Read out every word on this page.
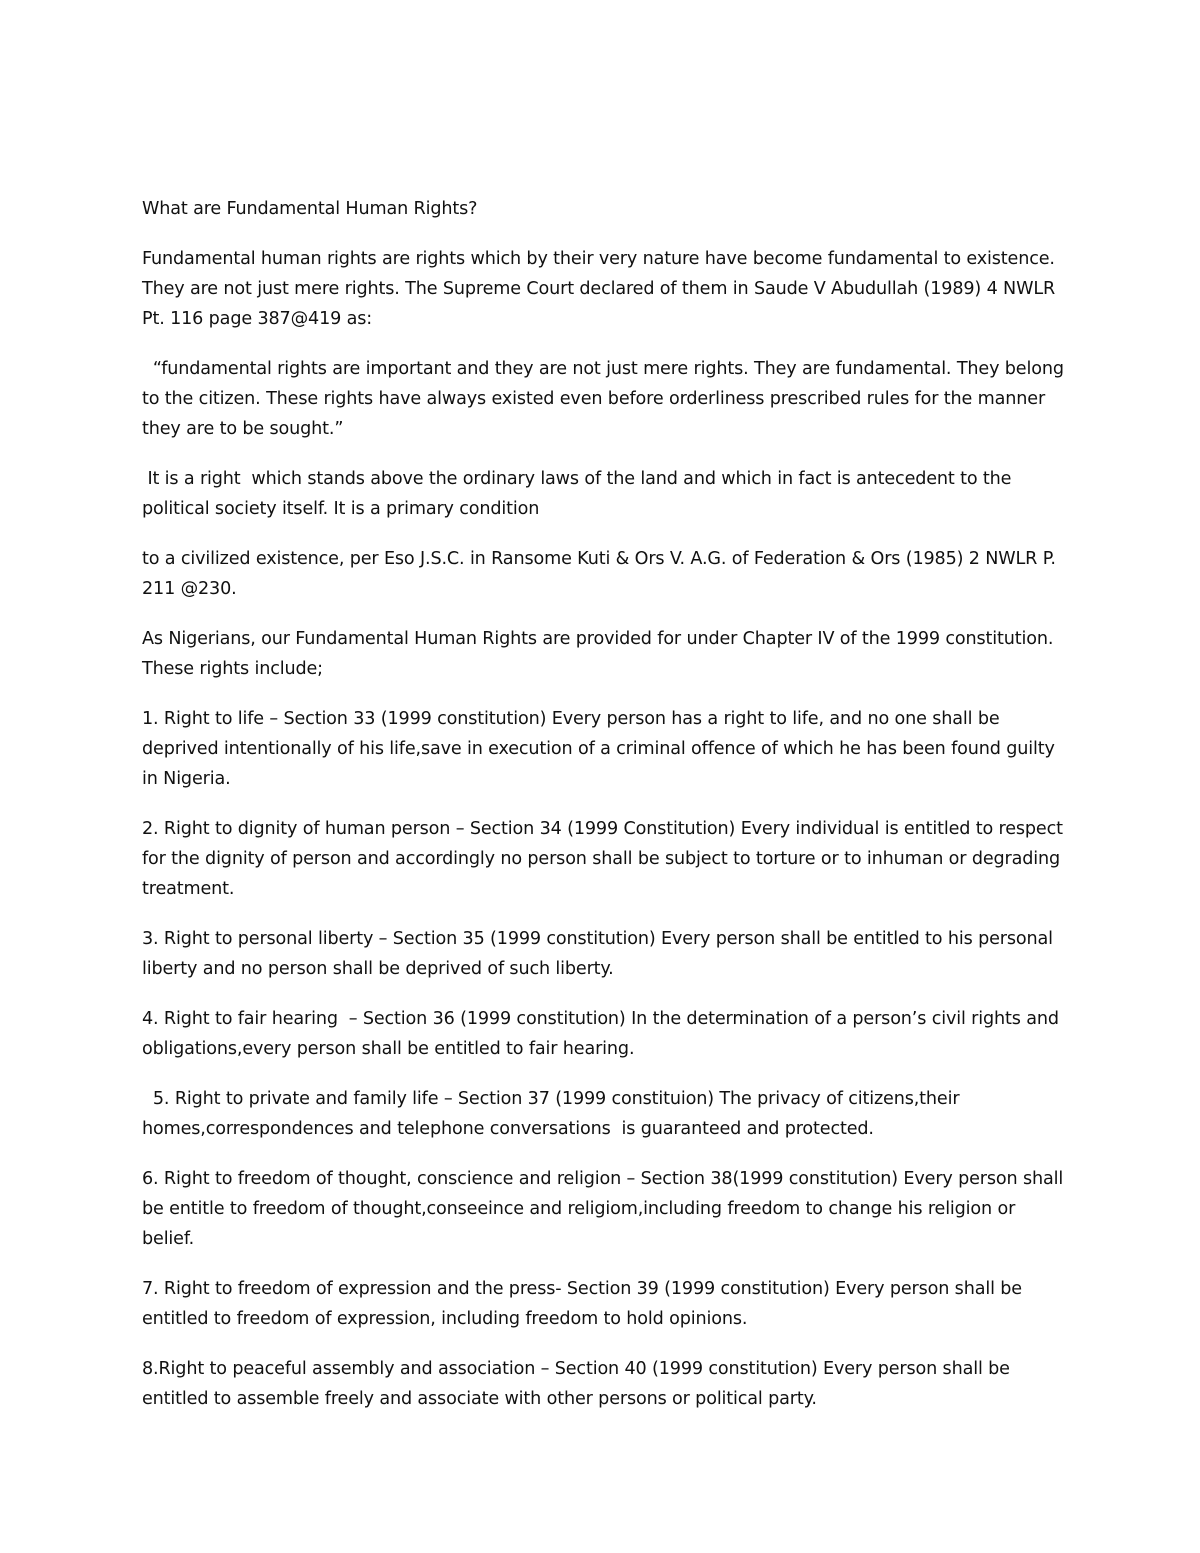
What are Fundamental Human Rights?

Fundamental human rights are rights which by their very nature have become fundamental to existence. They are not just mere rights. The Supreme Court declared of them in Saude V Abudullah (1989) 4 NWLR Pt. 116 page 387@419 as:

“fundamental rights are important and they are not just mere rights. They are fundamental. They belong to the citizen. These rights have always existed even before orderliness prescribed rules for the manner they are to be sought.”

It is a right  which stands above the ordinary laws of the land and which in fact is antecedent to the political society itself. It is a primary condition

to a civilized existence, per Eso J.S.C. in Ransome Kuti & Ors V. A.G. of Federation & Ors (1985) 2 NWLR P. 211 @230.

As Nigerians, our Fundamental Human Rights are provided for under Chapter IV of the 1999 constitution. These rights include;

1. Right to life – Section 33 (1999 constitution) Every person has a right to life, and no one shall be deprived intentionally of his life,save in execution of a criminal offence of which he has been found guilty in Nigeria.

2. Right to dignity of human person – Section 34 (1999 Constitution) Every individual is entitled to respect for the dignity of person and accordingly no person shall be subject to torture or to inhuman or degrading treatment.

3. Right to personal liberty – Section 35 (1999 constitution) Every person shall be entitled to his personal liberty and no person shall be deprived of such liberty.

4. Right to fair hearing  – Section 36 (1999 constitution) In the determination of a person’s civil rights and obligations,every person shall be entitled to fair hearing.

5. Right to private and family life – Section 37 (1999 constituion) The privacy of citizens,their homes,correspondences and telephone conversations  is guaranteed and protected.

6. Right to freedom of thought, conscience and religion – Section 38(1999 constitution) Every person shall be entitle to freedom of thought,conseeince and religiom,including freedom to change his religion or belief.

7. Right to freedom of expression and the press- Section 39 (1999 constitution) Every person shall be entitled to freedom of expression, including freedom to hold opinions.

8.Right to peaceful assembly and association – Section 40 (1999 constitution) Every person shall be entitled to assemble freely and associate with other persons or political party.
